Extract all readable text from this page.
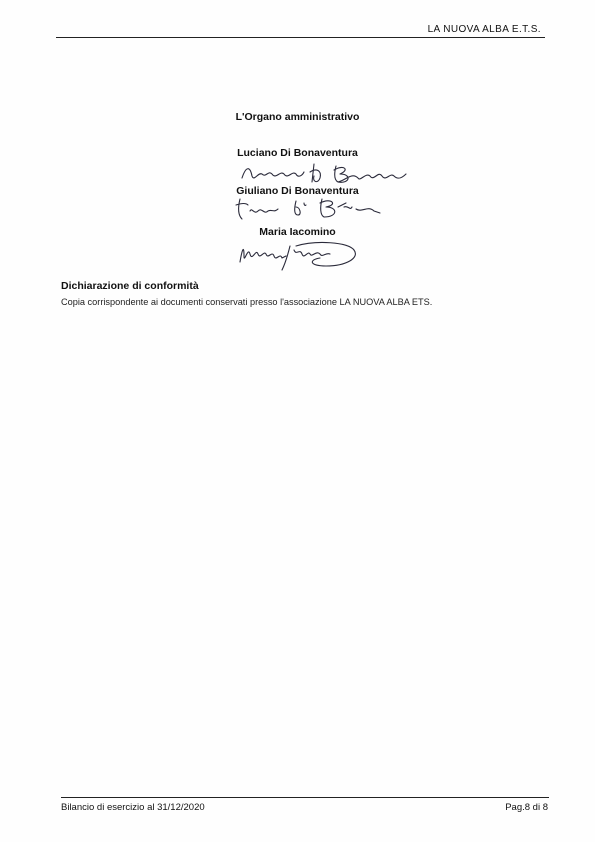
LA NUOVA ALBA E.T.S.
L'Organo amministrativo
Luciano Di Bonaventura
Giuliano Di Bonaventura
Maria Iacomino
Dichiarazione di conformità
Copia corrispondente ai documenti conservati presso l'associazione LA NUOVA ALBA ETS.
Bilancio di esercizio al 31/12/2020	Pag.8 di 8
